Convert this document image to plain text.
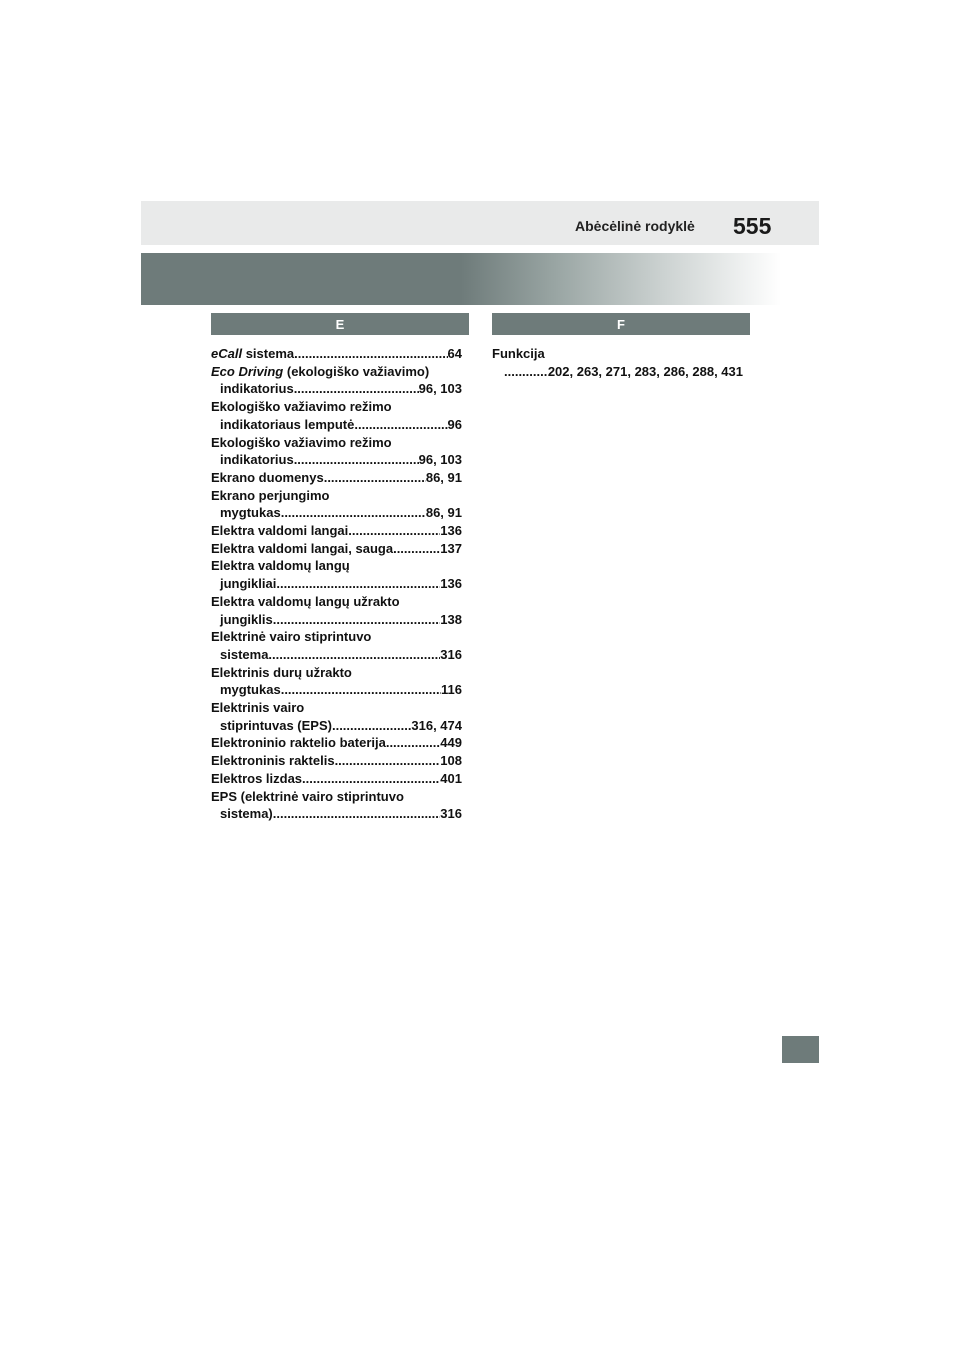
Abėcėlinė rodyklė 555
E	F
eCall sistema .....	64
Eco Driving (ekologiško važiavimo)
indikatorius .....	96, 103
Ekologiško važiavimo režimo
indikatoriaus lemputė .....	96
Ekologiško važiavimo režimo
indikatorius .....	96, 103
Ekrano duomenys .....	86, 91
Ekrano perjungimo
mygtukas .....	86, 91
Elektra valdomi langai .....	136
Elektra valdomi langai, sauga .....	137
Elektra valdomų langų
jungikliai .....	136
Elektra valdomų langų užrakto
jungiklis .....	138
Elektrinė vairo stiprintuvo
sistema .....	316
Elektrinis durų užrakto
mygtukas .....	116
Elektrinis vairo
stiprintuvas (EPS) .....	316, 474
Elektroninio raktelio baterija .....	449
Elektroninis raktelis .....	108
Elektros lizdas .....	401
EPS (elektrinė vairo stiprintuvo
sistema) .....	316
Funkcija
.....
202, 263, 271, 283, 286, 288, 431
